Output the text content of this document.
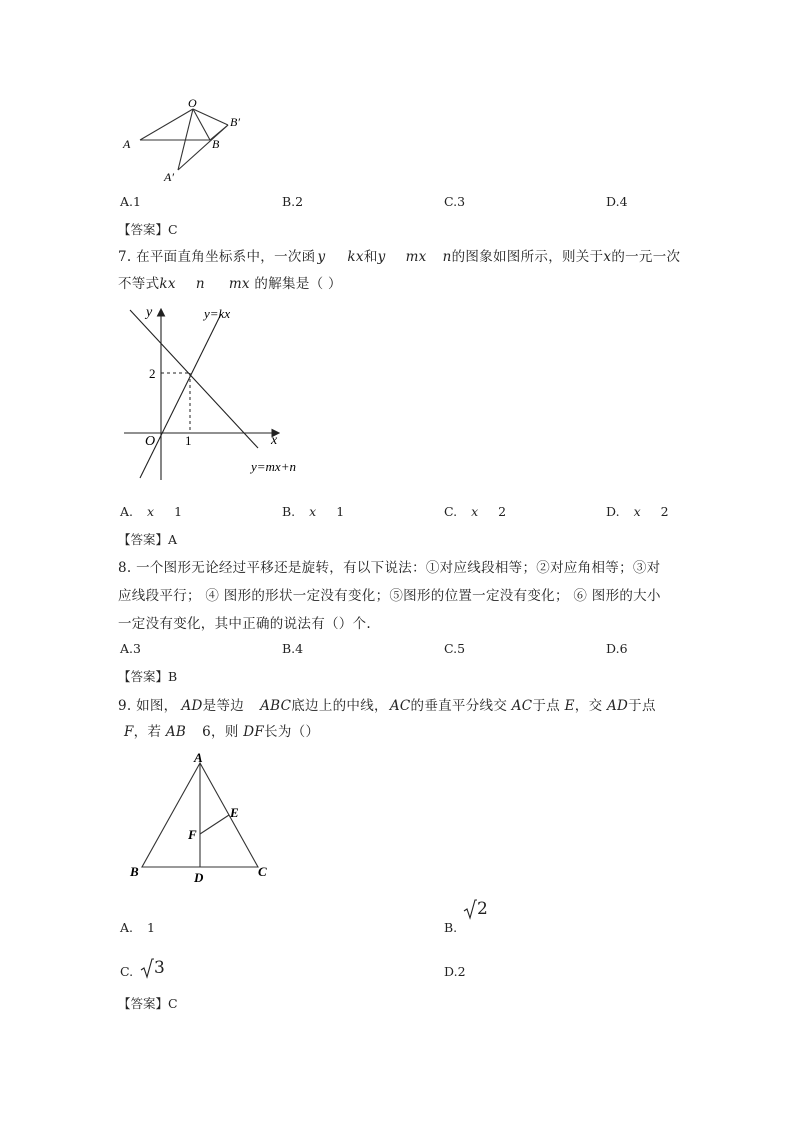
O
A	B
B′
A′
A.1	B.2	C.3	D.4
【答案】C
7. 在平面直角坐标系中，一次函 y kx和y mx n的图象如图所示，则关于x的一元一次
不等式kx n mx 的解集是（ ）
y
x
O 1
2
y=kx
y=mx+n
A. x 1	B. x 1	C. x 2	D. x 2
【答案】A
8. 一个图形无论经过平移还是旋转，有以下说法：①对应线段相等；②对应角相等；③对
应线段平行； ④ 图形的形状一定没有变化；⑤图形的位置一定没有变化； ⑥ 图形的大小
一定没有变化，其中正确的说法有（）个.
A.3	B.4	C.5	D.6
【答案】B
9. 如图， AD是等边 ABC底边上的中线， AC的垂直平分线交 AC于点 E，交 AD于点
F，若 AB 6，则 DF长为（）
A
B	C
D
E
F
A. 1	B.
2
C. 3	D.2
【答案】C
